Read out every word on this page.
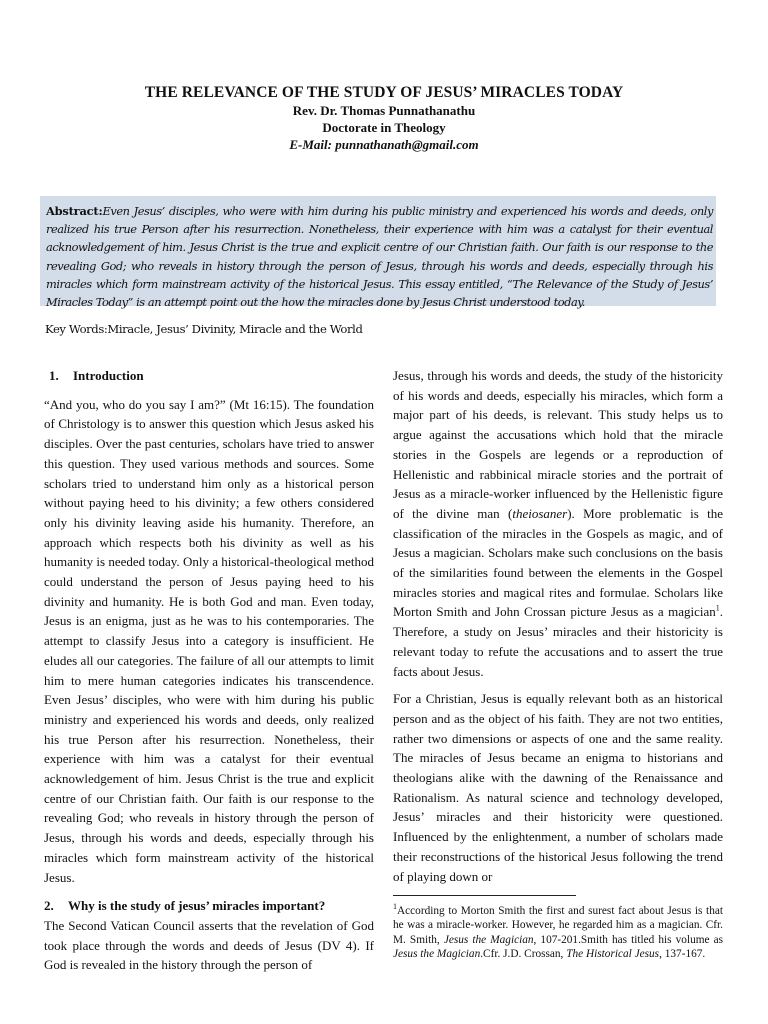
THE RELEVANCE OF THE STUDY OF JESUS’ MIRACLES TODAY
Rev. Dr. Thomas Punnathanathu
Doctorate in Theology
E-Mail: punnathanath@gmail.com
Abstract:Even Jesus’ disciples, who were with him during his public ministry and experienced his words and deeds, only realized his true Person after his resurrection. Nonetheless, their experience with him was a catalyst for their eventual acknowledgement of him. Jesus Christ is the true and explicit centre of our Christian faith. Our faith is our response to the revealing God; who reveals in history through the person of Jesus, through his words and deeds, especially through his miracles which form mainstream activity of the historical Jesus. This essay entitled, “The Relevance of the Study of Jesus’ Miracles Today” is an attempt point out the how the miracles done by Jesus Christ understood today.
Key Words:Miracle, Jesus’ Divinity, Miracle and the World
1. Introduction

“And you, who do you say I am?” (Mt 16:15). The foundation of Christology is to answer this question which Jesus asked his disciples. Over the past centuries, scholars have tried to answer this question. They used various methods and sources. Some scholars tried to understand him only as a historical person without paying heed to his divinity; a few others considered only his divinity leaving aside his humanity. Therefore, an approach which respects both his divinity as well as his humanity is needed today. Only a historical-theological method could understand the person of Jesus paying heed to his divinity and humanity. He is both God and man. Even today, Jesus is an enigma, just as he was to his contemporaries. The attempt to classify Jesus into a category is insufficient. He eludes all our categories. The failure of all our attempts to limit him to mere human categories indicates his transcendence. Even Jesus’ disciples, who were with him during his public ministry and experienced his words and deeds, only realized his true Person after his resurrection. Nonetheless, their experience with him was a catalyst for their eventual acknowledgement of him. Jesus Christ is the true and explicit centre of our Christian faith. Our faith is our response to the revealing God; who reveals in history through the person of Jesus, through his words and deeds, especially through his miracles which form mainstream activity of the historical Jesus.

2. Why is the study of jesus’ miracles important?

The Second Vatican Council asserts that the revelation of God took place through the words and deeds of Jesus (DV 4). If God is revealed in the history through the person of

Jesus, through his words and deeds, the study of the historicity of his words and deeds, especially his miracles, which form a major part of his deeds, is relevant. This study helps us to argue against the accusations which hold that the miracle stories in the Gospels are legends or a reproduction of Hellenistic and rabbinical miracle stories and the portrait of Jesus as a miracle-worker influenced by the Hellenistic figure of the divine man (theiosaner). More problematic is the classification of the miracles in the Gospels as magic, and of Jesus a magician. Scholars make such conclusions on the basis of the similarities found between the elements in the Gospel miracles stories and magical rites and formulae. Scholars like Morton Smith and John Crossan picture Jesus as a magician$^1$. Therefore, a study on Jesus’ miracles and their historicity is relevant today to refute the accusations and to assert the true facts about Jesus.

For a Christian, Jesus is equally relevant both as an historical person and as the object of his faith. They are not two entities, rather two dimensions or aspects of one and the same reality. The miracles of Jesus became an enigma to historians and theologians alike with the dawning of the Renaissance and Rationalism. As natural science and technology developed, Jesus’ miracles and their historicity were questioned. Influenced by the enlightenment, a number of scholars made their reconstructions of the historical Jesus following the trend of playing down or

$^1$According to Morton Smith the first and surest fact about Jesus is that he was a miracle-worker. However, he regarded him as a magician. Cfr. M. Smith, Jesus the Magician, 107-201.Smith has titled his volume as Jesus the Magician.Cfr. J.D. Crossan, The Historical Jesus, 137-167.
